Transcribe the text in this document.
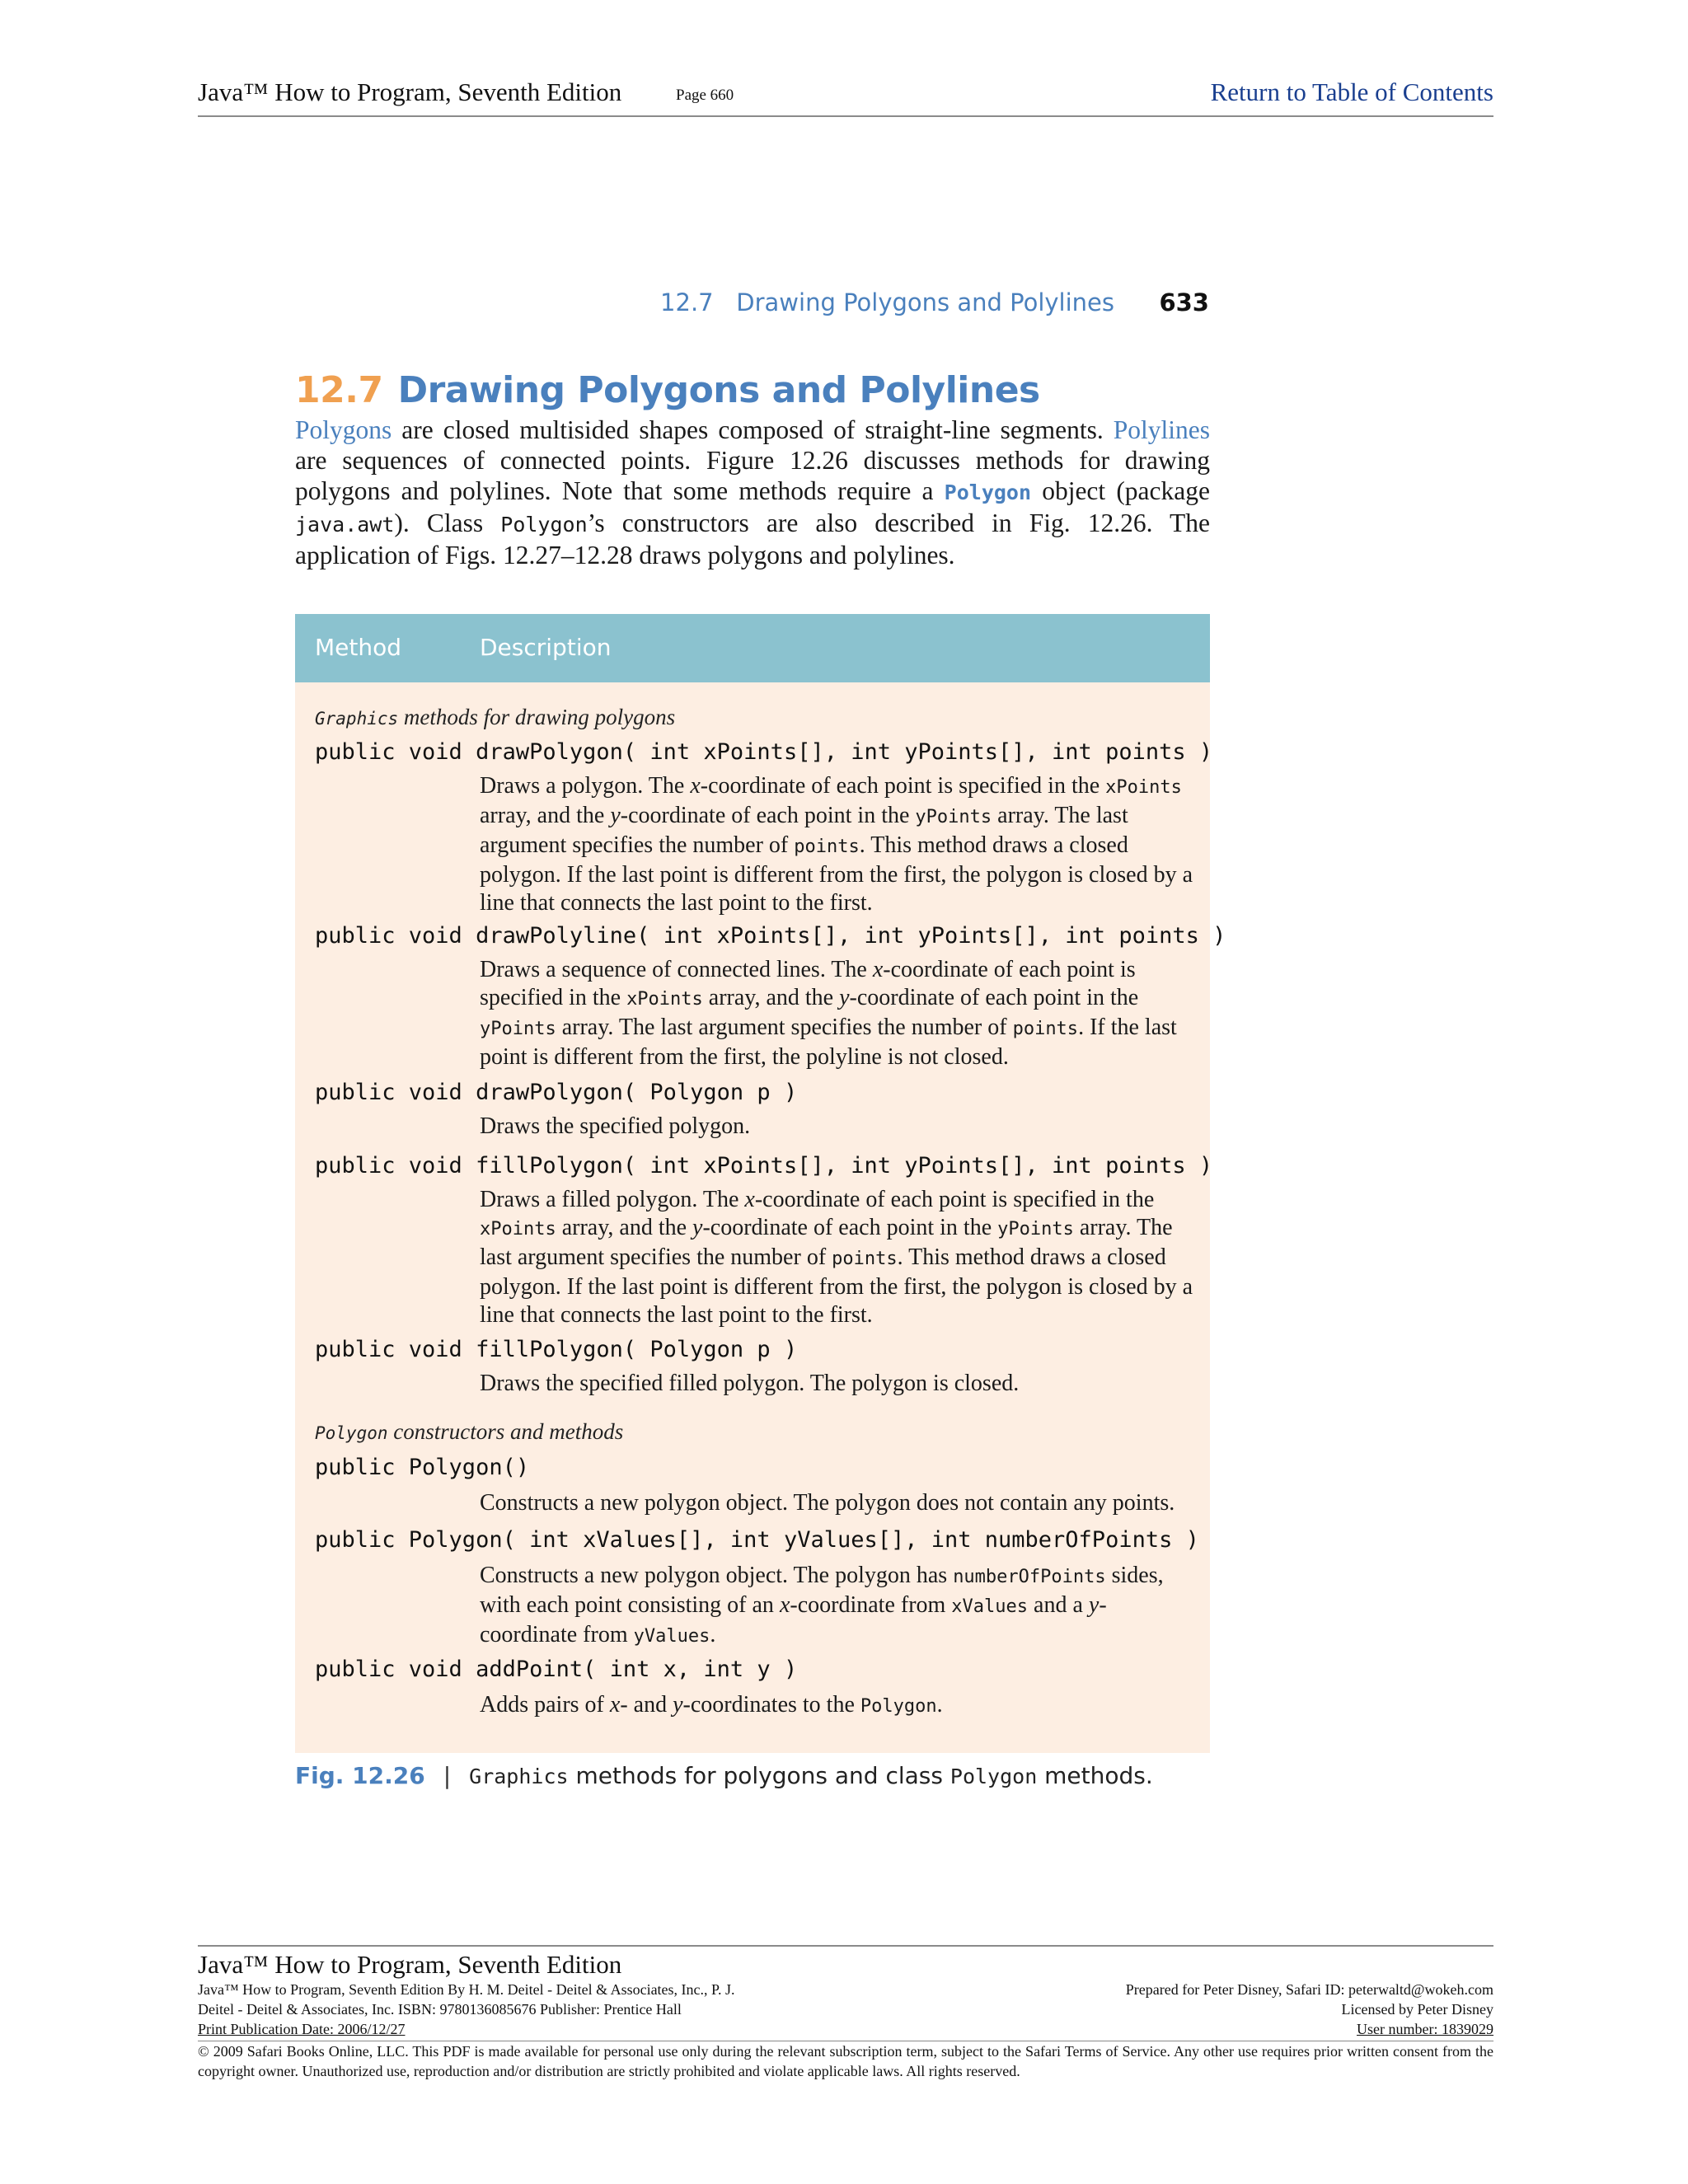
Java™ How to Program, Seventh Edition	Page 660	Return to Table of Contents
12.7   Drawing Polygons and Polylines 633
12.7 Drawing Polygons and Polylines

Polygons are closed multisided shapes composed of straight-line segments. Polylines are sequences of connected points. Figure 12.26 discusses methods for drawing polygons and polylines. Note that some methods require a Polygon object (package java.awt). Class Polygon’s constructors are also described in Fig. 12.26. The application of Figs. 12.27–12.28 draws polygons and polylines.

Method	Description
Graphics methods for drawing polygons
public void drawPolygon( int xPoints[], int yPoints[], int points )
Draws a polygon. The x-coordinate of each point is specified in the xPoints array, and the y-coordinate of each point in the yPoints array. The last argument specifies the number of points. This method draws a closed polygon. If the last point is different from the first, the polygon is closed by a line that connects the last point to the first.
public void drawPolyline( int xPoints[], int yPoints[], int points )
Draws a sequence of connected lines. The x-coordinate of each point is specified in the xPoints array, and the y-coordinate of each point in the yPoints array. The last argument specifies the number of points. If the last point is different from the first, the polyline is not closed.
public void drawPolygon( Polygon p )
Draws the specified polygon.
public void fillPolygon( int xPoints[], int yPoints[], int points )
Draws a filled polygon. The x-coordinate of each point is specified in the xPoints array, and the y-coordinate of each point in the yPoints array. The last argument specifies the number of points. This method draws a closed polygon. If the last point is different from the first, the polygon is closed by a line that connects the last point to the first.
public void fillPolygon( Polygon p )
Draws the specified filled polygon. The polygon is closed.
Polygon constructors and methods
public Polygon()
Constructs a new polygon object. The polygon does not contain any points.
public Polygon( int xValues[], int yValues[], int numberOfPoints )
Constructs a new polygon object. The polygon has numberOfPoints sides, with each point consisting of an x-coordinate from xValues and a y-coordinate from yValues.
public void addPoint( int x, int y )
Adds pairs of x- and y-coordinates to the Polygon.
Fig. 12.26 | Graphics methods for polygons and class Polygon methods.
Java™ How to Program, Seventh Edition
Java™ How to Program, Seventh Edition By H. M. Deitel - Deitel & Associates, Inc., P. J.
Deitel - Deitel & Associates, Inc. ISBN: 9780136085676 Publisher: Prentice Hall
Print Publication Date: 2006/12/27
Prepared for Peter Disney, Safari ID: peterwaltd@wokeh.com
Licensed by Peter Disney
User number: 1839029
© 2009 Safari Books Online, LLC. This PDF is made available for personal use only during the relevant subscription term, subject to the Safari Terms of Service. Any other use requires prior written consent from the copyright owner. Unauthorized use, reproduction and/or distribution are strictly prohibited and violate applicable laws. All rights reserved.
